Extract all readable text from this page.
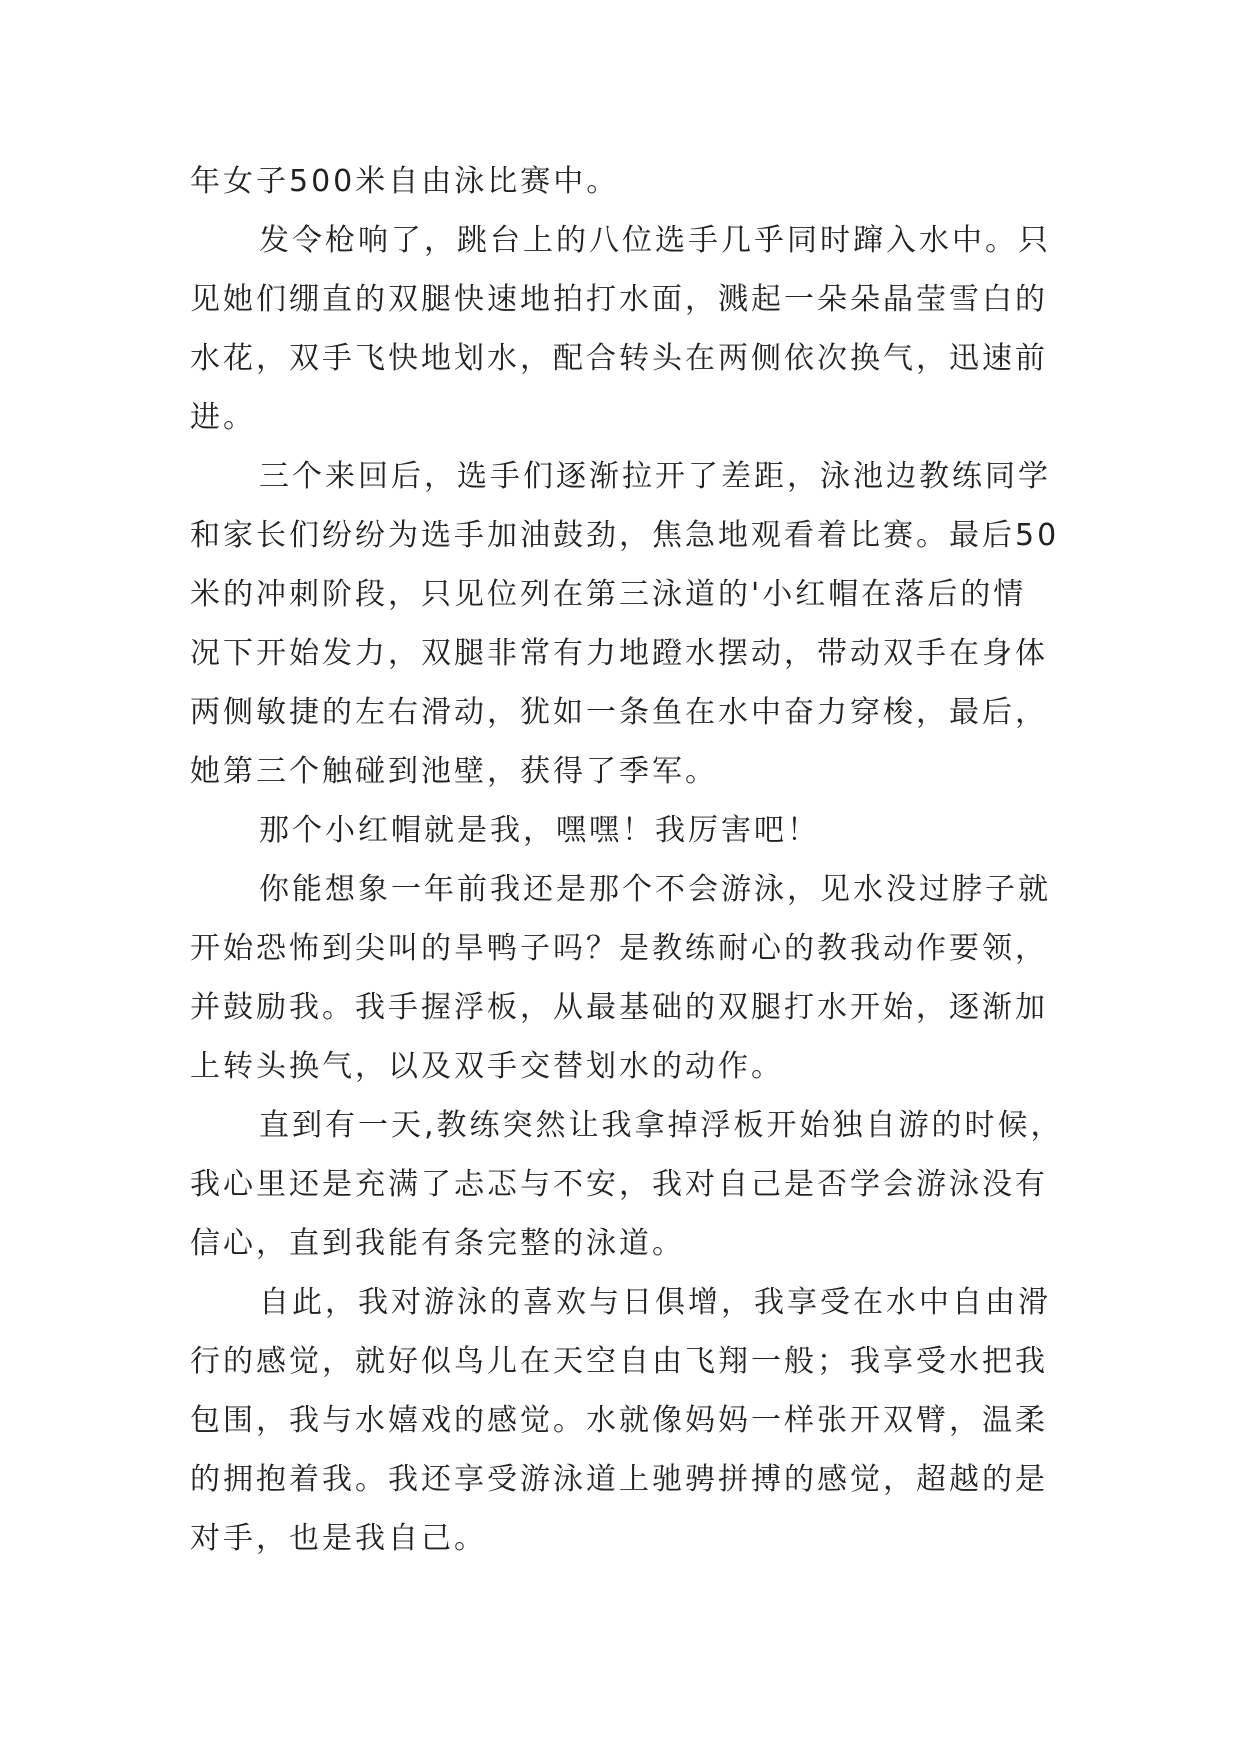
年女子500米自由泳比赛中。
发令枪响了，跳台上的八位选手几乎同时蹿入水中。只
见她们绷直的双腿快速地拍打水面，溅起一朵朵晶莹雪白的
水花，双手飞快地划水，配合转头在两侧依次换气，迅速前
进。
三个来回后，选手们逐渐拉开了差距，泳池边教练同学
和家长们纷纷为选手加油鼓劲，焦急地观看着比赛。最后50
米的冲刺阶段，只见位列在第三泳道的'小红帽在落后的情
况下开始发力，双腿非常有力地蹬水摆动，带动双手在身体
两侧敏捷的左右滑动，犹如一条鱼在水中奋力穿梭，最后，
她第三个触碰到池壁，获得了季军。
那个小红帽就是我，嘿嘿！我厉害吧！
你能想象一年前我还是那个不会游泳，见水没过脖子就
开始恐怖到尖叫的旱鸭子吗？是教练耐心的教我动作要领，
并鼓励我。我手握浮板，从最基础的双腿打水开始，逐渐加
上转头换气，以及双手交替划水的动作。
直到有一天,教练突然让我拿掉浮板开始独自游的时候，
我心里还是充满了忐忑与不安，我对自己是否学会游泳没有
信心，直到我能有条完整的泳道。
自此，我对游泳的喜欢与日俱增，我享受在水中自由滑
行的感觉，就好似鸟儿在天空自由飞翔一般；我享受水把我
包围，我与水嬉戏的感觉。水就像妈妈一样张开双臂，温柔
的拥抱着我。我还享受游泳道上驰骋拼搏的感觉，超越的是
对手，也是我自己。
